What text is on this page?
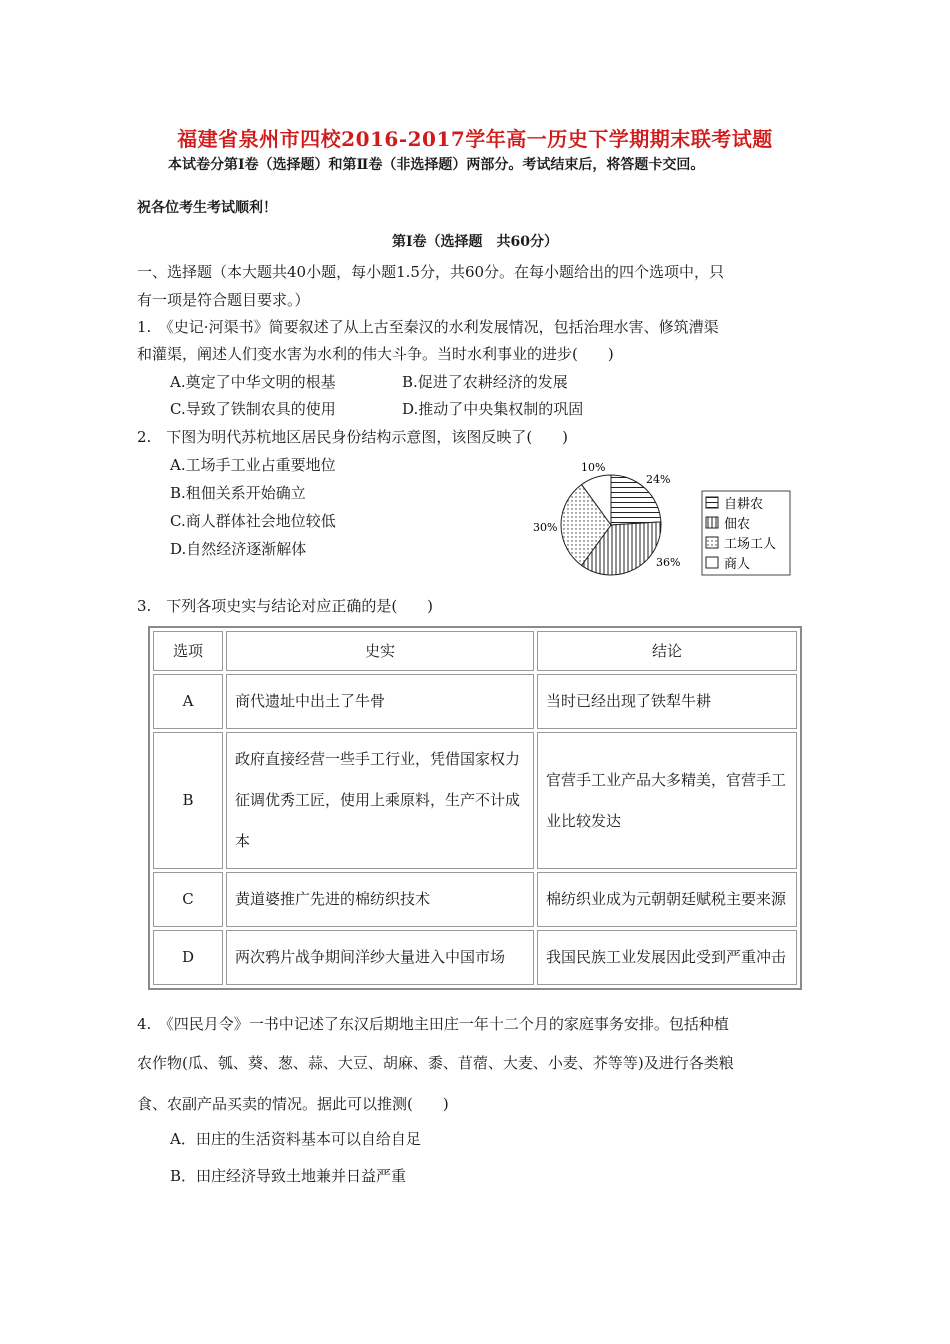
福建省泉州市四校2016-2017学年高一历史下学期期末联考试题
本试卷分第Ⅰ卷（选择题）和第Ⅱ卷（非选择题）两部分。考试结束后，将答题卡交回。
祝各位考生考试顺利！
第Ⅰ卷（选择题　共60分）
一、选择题（本大题共40小题，每小题1.5分，共60分。在每小题给出的四个选项中，只
有一项是符合题目要求。）
1.　《史记·河渠书》简要叙述了从上古至秦汉的水利发展情况，包括治理水害、修筑漕渠
和灌渠，阐述人们变水害为水利的伟大斗争。当时水利事业的进步(　　)
A.奠定了中华文明的根基	B.促进了农耕经济的发展
C.导致了铁制农具的使用	D.推动了中央集权制的巩固
2.　下图为明代苏杭地区居民身份结构示意图，该图反映了(　　)
A.工场手工业占重要地位
B.租佃关系开始确立
C.商人群体社会地位较低
D.自然经济逐渐解体
24%
36%
30%
10%
自耕农
佃农
工场工人
商人
3.　下列各项史实与结论对应正确的是(　　)
选项	史实	结论
A	商代遗址中出土了牛骨	当时已经出现了铁犁牛耕
B	政府直接经营一些手工行业，凭借国家权力征调优秀工匠，使用上乘原料，生产不计成本	官营手工业产品大多精美，官营手工业比较发达
C	黄道婆推广先进的棉纺织技术	棉纺织业成为元朝朝廷赋税主要来源
D	两次鸦片战争期间洋纱大量进入中国市场	我国民族工业发展因此受到严重冲击
4.　《四民月令》一书中记述了东汉后期地主田庄一年十二个月的家庭事务安排。包括种植
农作物(瓜、瓠、葵、葱、蒜、大豆、胡麻、黍、苜蓿、大麦、小麦、芥等等)及进行各类粮
食、农副产品买卖的情况。据此可以推测(　　)
A．田庄的生活资料基本可以自给自足
B．田庄经济导致土地兼并日益严重
